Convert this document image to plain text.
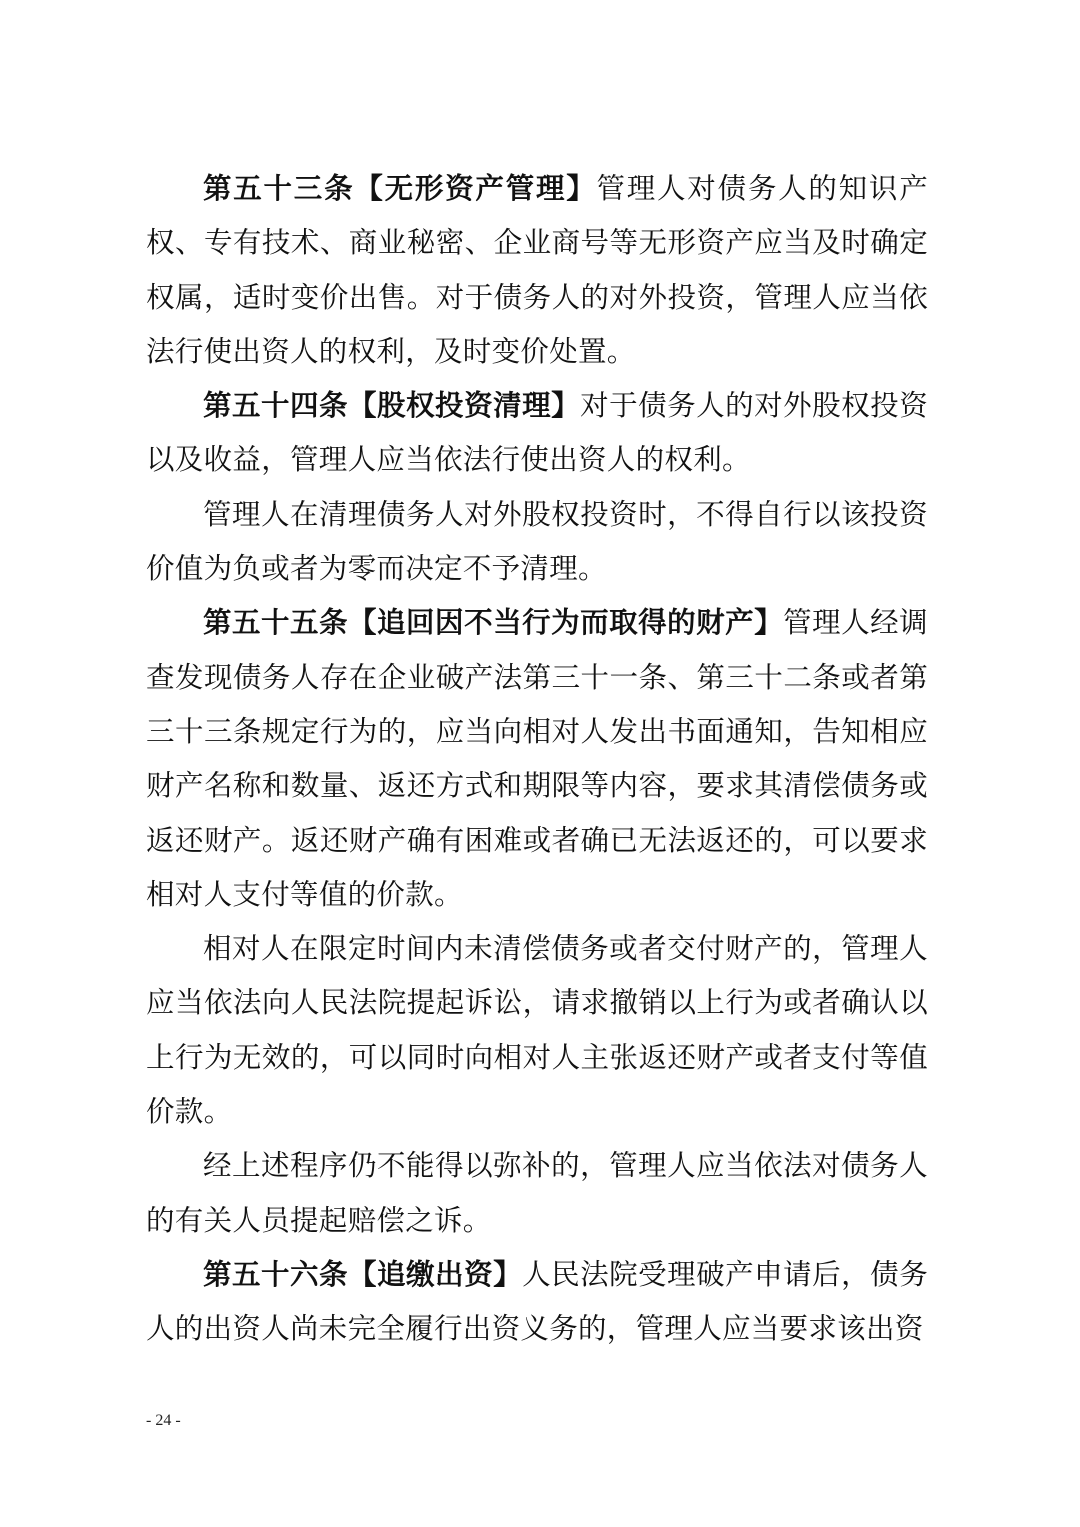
第五十三条【无形资产管理】管理人对债务人的知识产权、专有技术、商业秘密、企业商号等无形资产应当及时确定权属，适时变价出售。对于债务人的对外投资，管理人应当依法行使出资人的权利，及时变价处置。

第五十四条【股权投资清理】对于债务人的对外股权投资以及收益，管理人应当依法行使出资人的权利。

管理人在清理债务人对外股权投资时，不得自行以该投资价值为负或者为零而决定不予清理。

第五十五条【追回因不当行为而取得的财产】管理人经调查发现债务人存在企业破产法第三十一条、第三十二条或者第三十三条规定行为的，应当向相对人发出书面通知，告知相应财产名称和数量、返还方式和期限等内容，要求其清偿债务或返还财产。返还财产确有困难或者确已无法返还的，可以要求相对人支付等值的价款。

相对人在限定时间内未清偿债务或者交付财产的，管理人应当依法向人民法院提起诉讼，请求撤销以上行为或者确认以上行为无效的，可以同时向相对人主张返还财产或者支付等值价款。

经上述程序仍不能得以弥补的，管理人应当依法对债务人的有关人员提起赔偿之诉。

第五十六条【追缴出资】人民法院受理破产申请后，债务人的出资人尚未完全履行出资义务的，管理人应当要求该出资

- 24 -
